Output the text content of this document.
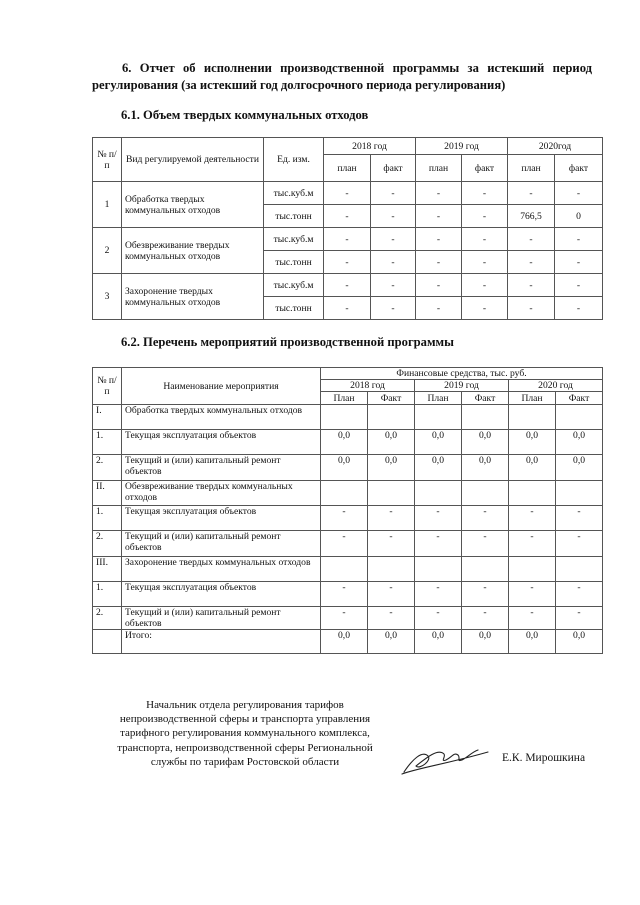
6. Отчет об исполнении производственной программы за истекший период регулирования (за истекший год долгосрочного периода регулирования)
6.1. Объем твердых коммунальных отходов
№ п/п	Вид регулируемой деятельности	Ед. изм.	2018 год		2019 год		2020год	
			план	факт	план	факт	план	факт
1	Обработка твердых коммунальных отходов	тыс.куб.м	-	-	-	-	-	-
		тыс.тонн	-	-	-	-	766,5	0
2	Обезвреживание твердых коммунальных отходов	тыс.куб.м	-	-	-	-	-	-
		тыс.тонн	-	-	-	-	-	-
3	Захоронение твердых коммунальных отходов	тыс.куб.м	-	-	-	-	-	-
		тыс.тонн	-	-	-	-	-	-
6.2. Перечень мероприятий производственной программы
№ п/п	Наименование мероприятия	Финансовые средства, тыс. руб.					
		2018 год		2019 год		2020 год	
		План	Факт	План	Факт	План	Факт
I.	Обработка твердых коммунальных отходов						
1.	Текущая эксплуатация объектов	0,0	0,0	0,0	0,0	0,0	0,0
2.	Текущий и (или) капитальный ремонт объектов	0,0	0,0	0,0	0,0	0,0	0,0
II.	Обезвреживание твердых коммунальных отходов						
1.	Текущая эксплуатация объектов	-	-	-	-	-	-
2.	Текущий и (или) капитальный ремонт объектов	-	-	-	-	-	-
III.	Захоронение твердых коммунальных отходов						
1.	Текущая эксплуатация объектов	-	-	-	-	-	-
2.	Текущий и (или) капитальный ремонт объектов	-	-	-	-	-	-
	Итого:	0,0	0,0	0,0	0,0	0,0	0,0
Начальник отдела регулирования тарифов непроизводственной сферы и транспорта управления тарифного регулирования коммунального комплекса, транспорта, непроизводственной сферы Региональной службы по тарифам Ростовской области	Е.К. Мирошкина
